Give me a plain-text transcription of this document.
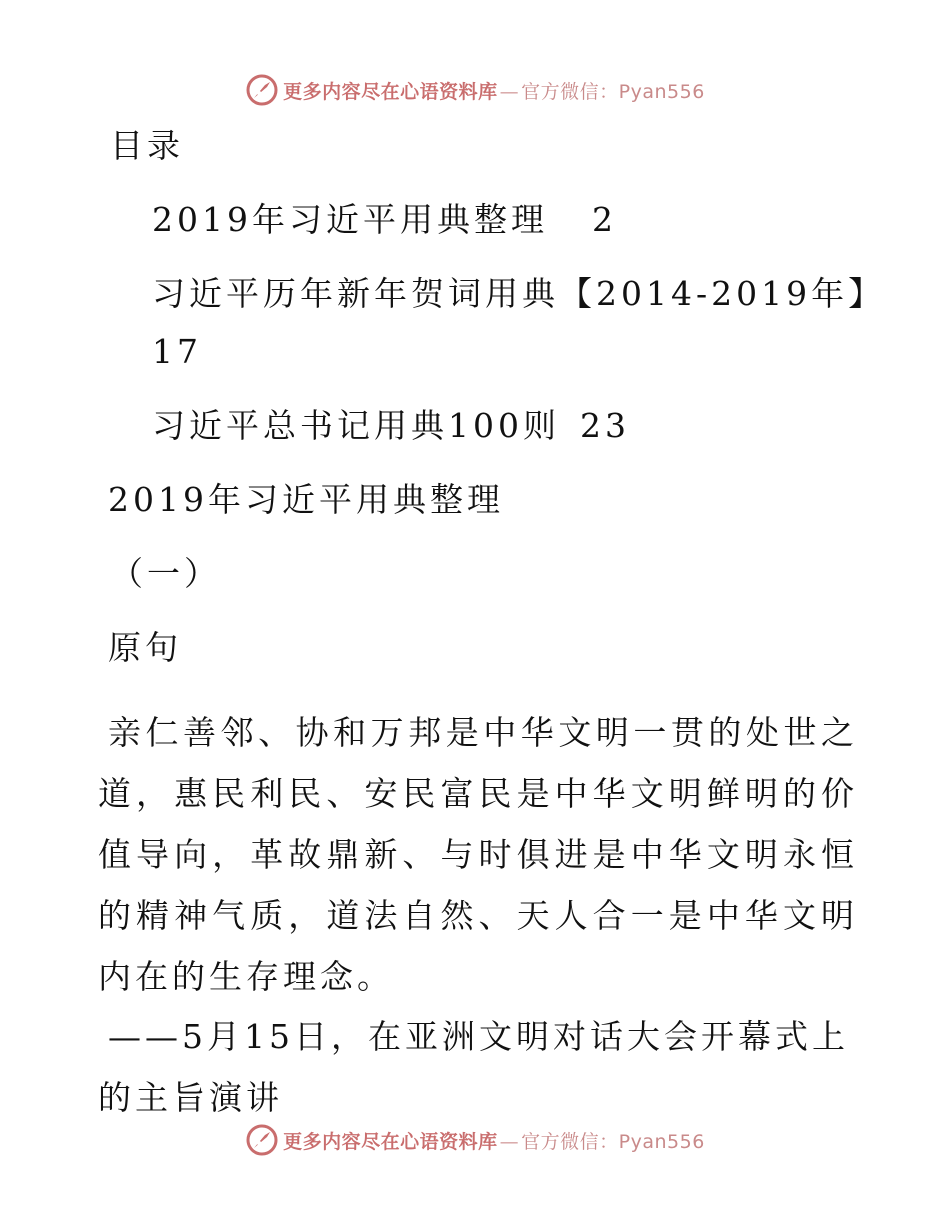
更多内容尽在心语资料库 — 官方微信：Pyan556
目录
2019年习近平用典整理 2
习近平历年新年贺词用典【2014-2019年】
17
习近平总书记用典100则 23
2019年习近平用典整理
（一）
原句
亲仁善邻、协和万邦是中华文明一贯的处世之道，惠民利民、安民富民是中华文明鲜明的价值导向，革故鼎新、与时俱进是中华文明永恒的精神气质，道法自然、天人合一是中华文明内在的生存理念。
——5月15日，在亚洲文明对话大会开幕式上的主旨演讲
更多内容尽在心语资料库 — 官方微信：Pyan556
